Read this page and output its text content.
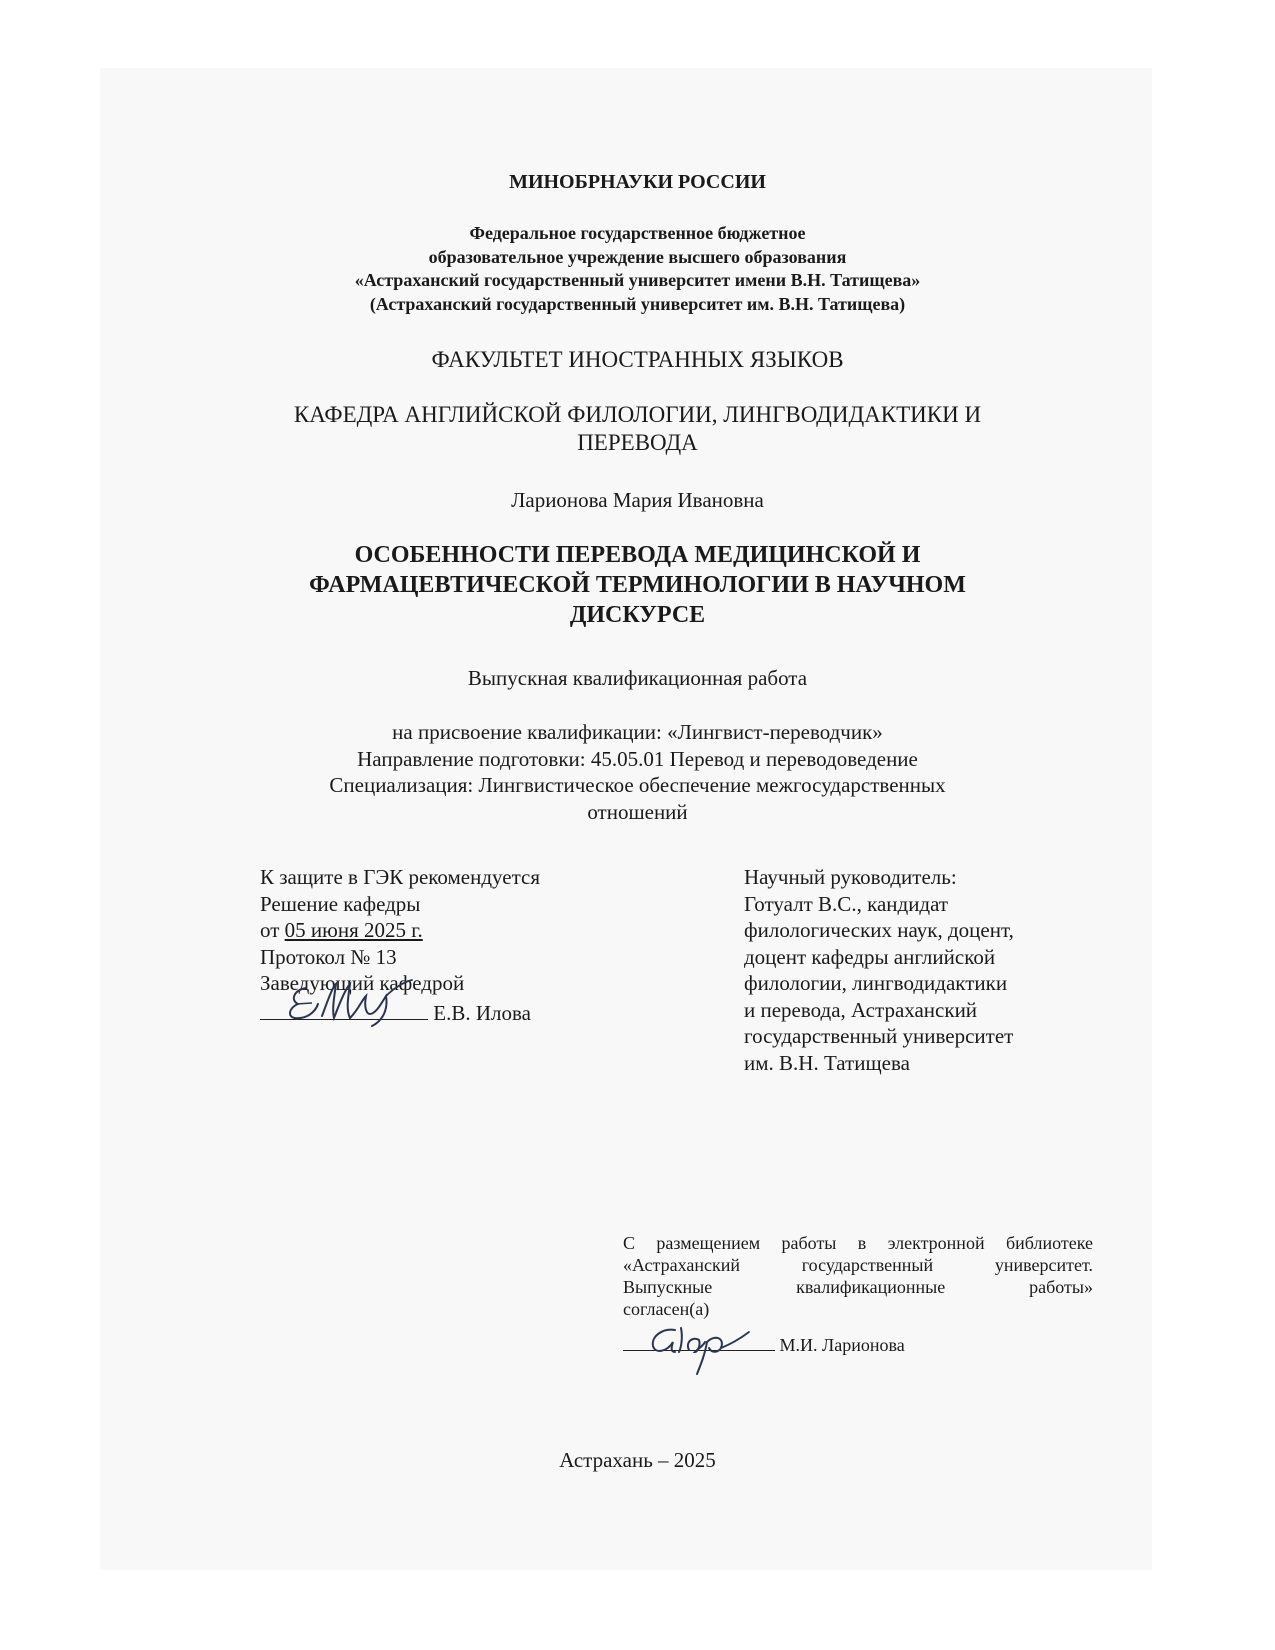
МИНОБРНАУКИ РОССИИ
Федеральное государственное бюджетное
образовательное учреждение высшего образования
«Астраханский государственный университет имени В.Н. Татищева»
(Астраханский государственный университет им. В.Н. Татищева)
ФАКУЛЬТЕТ ИНОСТРАННЫХ ЯЗЫКОВ
КАФЕДРА АНГЛИЙСКОЙ ФИЛОЛОГИИ, ЛИНГВОДИДАКТИКИ И
ПЕРЕВОДА
Ларионова Мария Ивановна
ОСОБЕННОСТИ ПЕРЕВОДА МЕДИЦИНСКОЙ И
ФАРМАЦЕВТИЧЕСКОЙ ТЕРМИНОЛОГИИ В НАУЧНОМ
ДИСКУРСЕ
Выпускная квалификационная работа
на присвоение квалификации: «Лингвист-переводчик»
Направление подготовки: 45.05.01 Перевод и переводоведение
Специализация: Лингвистическое обеспечение межгосударственных
отношений
К защите в ГЭК рекомендуется
Решение кафедры
от 05 июня 2025 г.
Протокол № 13
Заведующий кафедрой
Е.В. Илова
Научный руководитель:
Готуалт В.С., кандидат
филологических наук, доцент,
доцент кафедры английской
филологии, лингводидактики
и перевода, Астраханский
государственный университет
им. В.Н. Татищева
С размещением работы в электронной библиотеке
«Астраханский государственный университет.
Выпускные квалификационные работы»
согласен(а)
М.И. Ларионова
Астрахань – 2025
